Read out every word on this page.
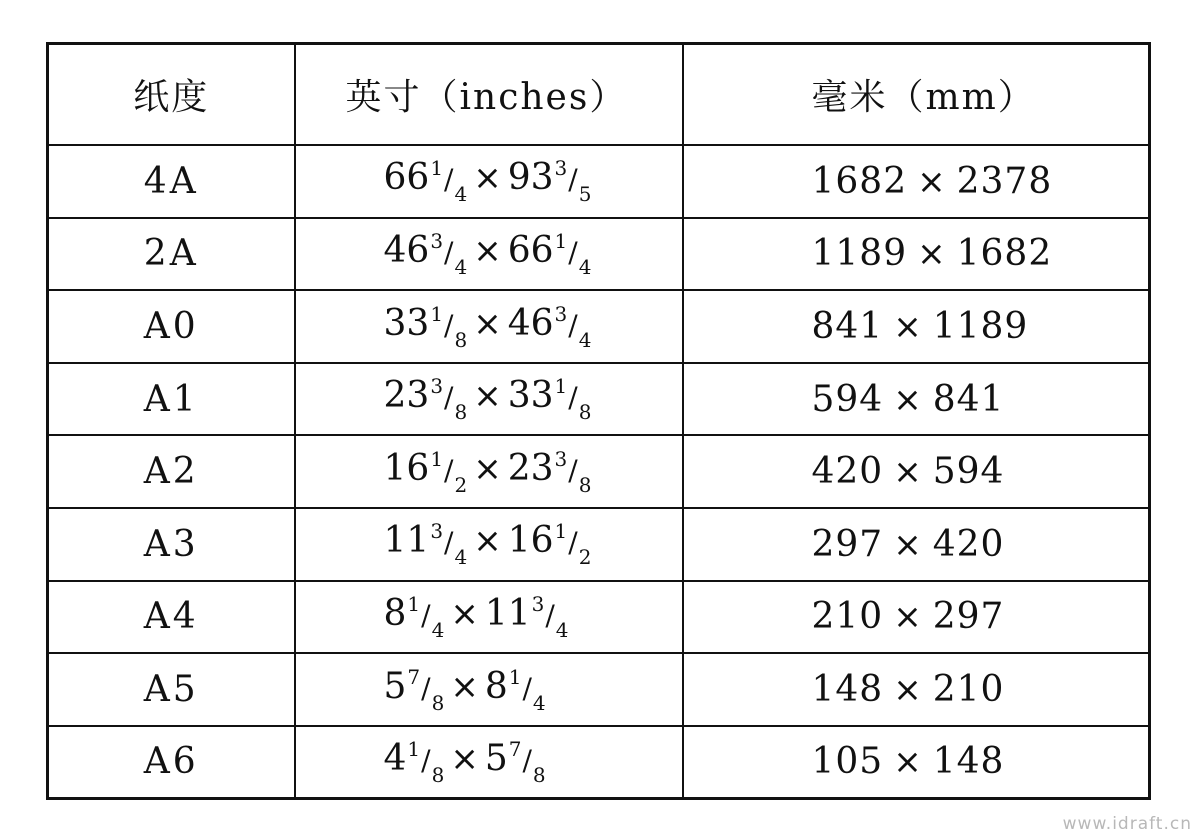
纸度	英寸（inches）	毫米（mm）
4A	$66^1/_4 \times 93^3/_5$	1682 × 2378
2A	$46^3/_4 \times 66^1/_4$	1189 × 1682
A0	$33^1/_8 \times 46^3/_4$	841 × 1189
A1	$23^3/_8 \times 33^1/_8$	594 × 841
A2	$16^1/_2 \times 23^3/_8$	420 × 594
A3	$11^3/_4 \times 16^1/_2$	297 × 420
A4	$8^1/_4 \times 11^3/_4$	210 × 297
A5	$5^7/_8 \times 8^1/_4$	148 × 210
A6	$4^1/_8 \times 5^7/_8$	105 × 148
www.idraft.cn
